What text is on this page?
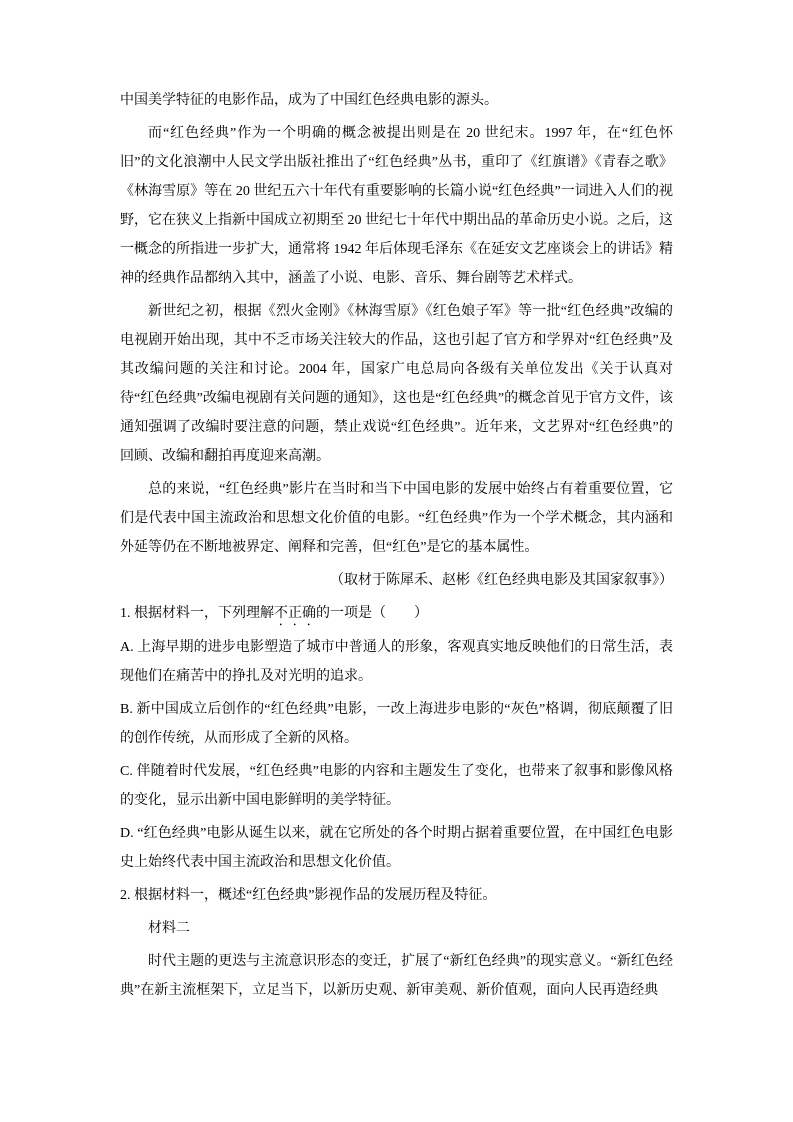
中国美学特征的电影作品，成为了中国红色经典电影的源头。

而“红色经典”作为一个明确的概念被提出则是在 20 世纪末。1997 年，在“红色怀旧”的文化浪潮中人民文学出版社推出了“红色经典”丛书，重印了《红旗谱》《青春之歌》《林海雪原》等在 20 世纪五六十年代有重要影响的长篇小说“红色经典”一词进入人们的视野，它在狭义上指新中国成立初期至 20 世纪七十年代中期出品的革命历史小说。之后，这一概念的所指进一步扩大，通常将 1942 年后体现毛泽东《在延安文艺座谈会上的讲话》精神的经典作品都纳入其中，涵盖了小说、电影、音乐、舞台剧等艺术样式。

新世纪之初，根据《烈火金刚》《林海雪原》《红色娘子军》等一批“红色经典”改编的电视剧开始出现，其中不乏市场关注较大的作品，这也引起了官方和学界对“红色经典”及其改编问题的关注和讨论。2004 年，国家广电总局向各级有关单位发出《关于认真对待“红色经典”改编电视剧有关问题的通知》，这也是“红色经典”的概念首见于官方文件，该通知强调了改编时要注意的问题，禁止戏说“红色经典”。近年来，文艺界对“红色经典”的回顾、改编和翻拍再度迎来高潮。

总的来说，“红色经典”影片在当时和当下中国电影的发展中始终占有着重要位置，它们是代表中国主流政治和思想文化价值的电影。“红色经典”作为一个学术概念，其内涵和外延等仍在不断地被界定、阐释和完善，但“红色”是它的基本属性。

（取材于陈犀禾、赵彬《红色经典电影及其国家叙事》）

1. 根据材料一，下列理解不正确的一项是（　　）

A. 上海早期的进步电影塑造了城市中普通人的形象，客观真实地反映他们的日常生活，表现他们在痛苦中的挣扎及对光明的追求。

B. 新中国成立后创作的“红色经典”电影，一改上海进步电影的“灰色”格调，彻底颠覆了旧的创作传统，从而形成了全新的风格。

C. 伴随着时代发展，“红色经典”电影的内容和主题发生了变化，也带来了叙事和影像风格的变化，显示出新中国电影鲜明的美学特征。

D. “红色经典”电影从诞生以来，就在它所处的各个时期占据着重要位置，在中国红色电影史上始终代表中国主流政治和思想文化价值。

2. 根据材料一，概述“红色经典”影视作品的发展历程及特征。

材料二

时代主题的更迭与主流意识形态的变迁，扩展了“新红色经典”的现实意义。“新红色经典”在新主流框架下，立足当下，以新历史观、新审美观、新价值观，面向人民再造经典
